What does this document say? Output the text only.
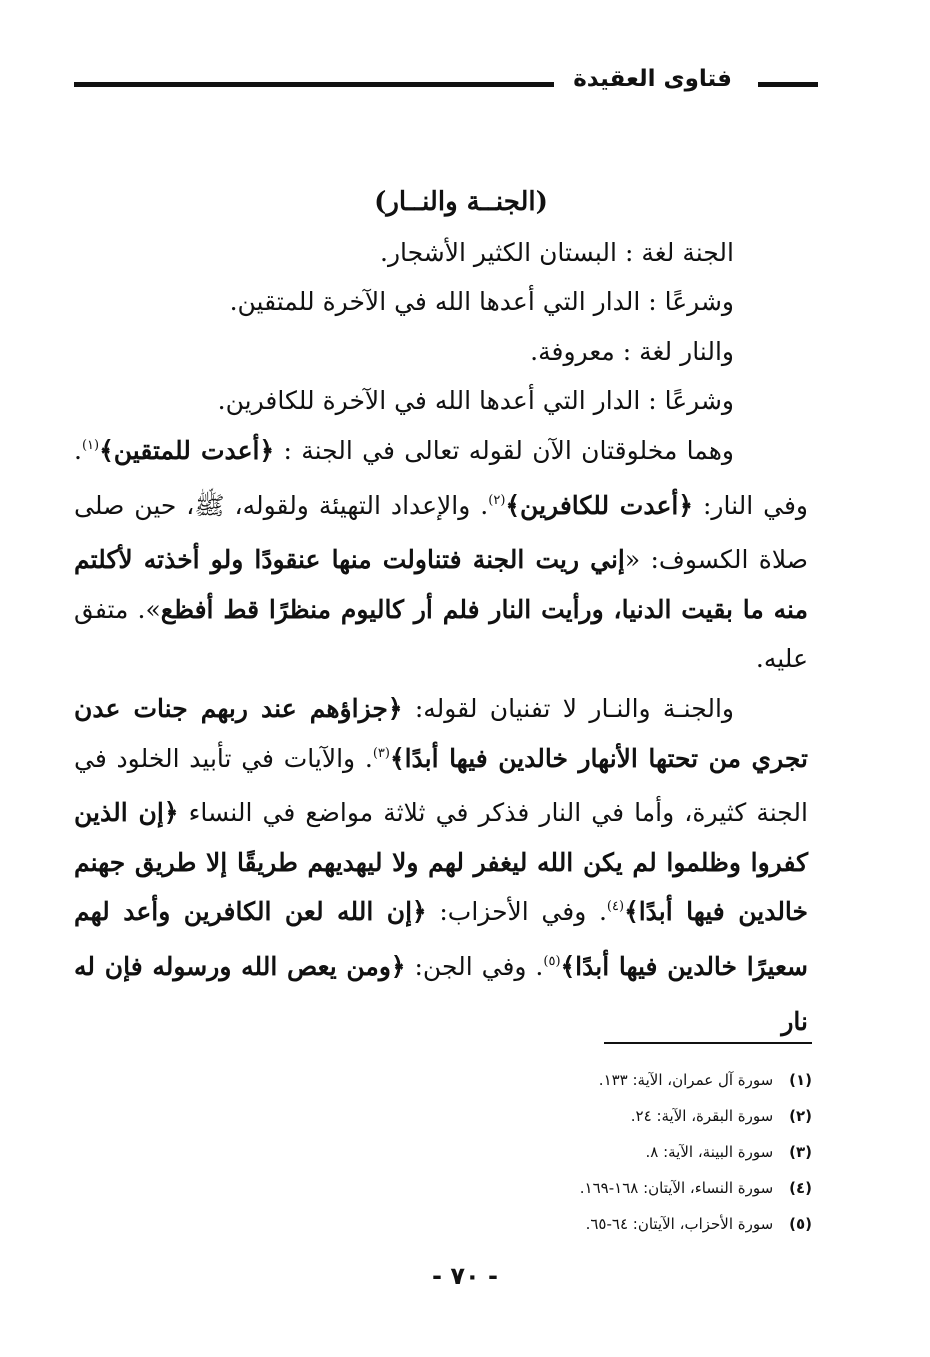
فتاوى العقيدة

(الجنــة والنــار)

الجنة لغة : البستان الكثير الأشجار.

وشرعًا : الدار التي أعدها الله في الآخرة للمتقين.

والنار لغة : معروفة.

وشرعًا : الدار التي أعدها الله في الآخرة للكافرين.

وهما مخلوقتان الآن لقوله تعالى في الجنة : ﴿أعدت للمتقين﴾$^{(١)}$. وفي النار: ﴿أعدت للكافرين﴾$^{(٢)}$. والإعداد التهيئة ولقوله، ﷺ، حين صلى صلاة الكسوف: «إني ريت الجنة فتناولت منها عنقودًا ولو أخذته لأكلتم منه ما بقيت الدنيا، ورأيت النار فلم أر كاليوم منظرًا قط أفظع». متفق عليه.

والجنـة والنـار لا تفنيان لقوله: ﴿جزاؤهم عند ربهم جنات عدن تجري من تحتها الأنهار خالدين فيها أبدًا﴾$^{(٣)}$. والآيات في تأبيد الخلود في الجنة كثيرة، وأما في النار فذكر في ثلاثة مواضع في النساء ﴿إن الذين كفروا وظلموا لم يكن الله ليغفر لهم ولا ليهديهم طريقًا إلا طريق جهنم خالدين فيها أبدًا﴾$^{(٤)}$. وفي الأحزاب: ﴿إن الله لعن الكافرين وأعد لهم سعيرًا خالدين فيها أبدًا﴾$^{(٥)}$. وفي الجن: ﴿ومن يعص الله ورسوله فإن له نار

(١) سورة آل عمران، الآية: ١٣٣.
(٢) سورة البقرة، الآية: ٢٤.
(٣) سورة البينة، الآية: ٨.
(٤) سورة النساء، الآيتان: ١٦٨-١٦٩.
(٥) سورة الأحزاب، الآيتان: ٦٤-٦٥.
- ٧٠ -
